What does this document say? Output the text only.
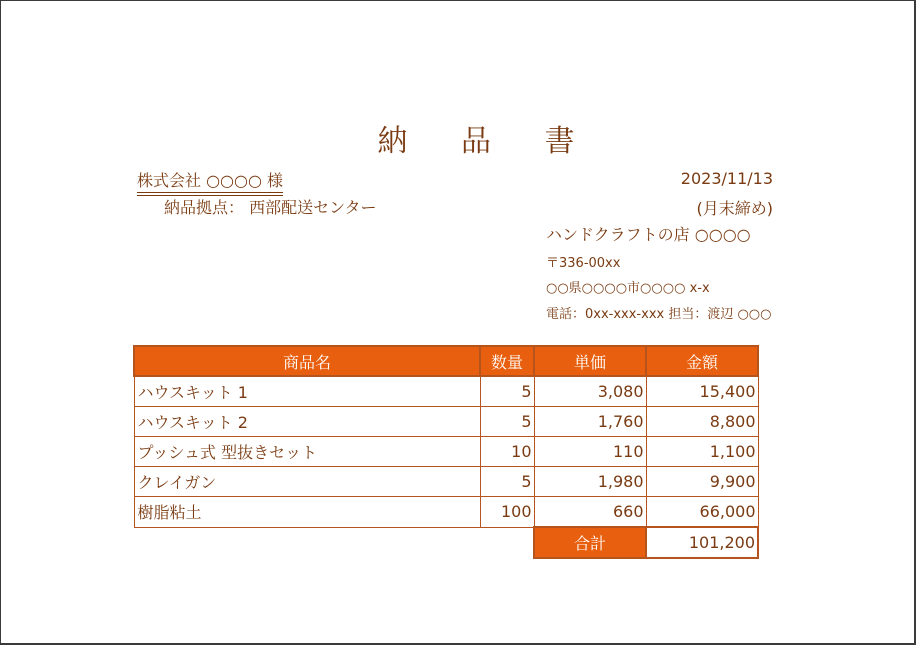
納 品 書
株式会社 ○○○○ 様
納品拠点： 西部配送センター
2023/11/13
(月末締め)
ハンドクラフトの店 ○○○○
〒336-00xx
○○県○○○○市○○○○ x-x
電話：0xx-xxx-xxx 担当：渡辺 ○○○
商品名	数量	単価	金額
ハウスキット 1	5	3,080	15,400
ハウスキット 2	5	1,760	8,800
プッシュ式 型抜きセット	10	110	1,100
クレイガン	5	1,980	9,900
樹脂粘土	100	660	66,000
		合計	101,200
